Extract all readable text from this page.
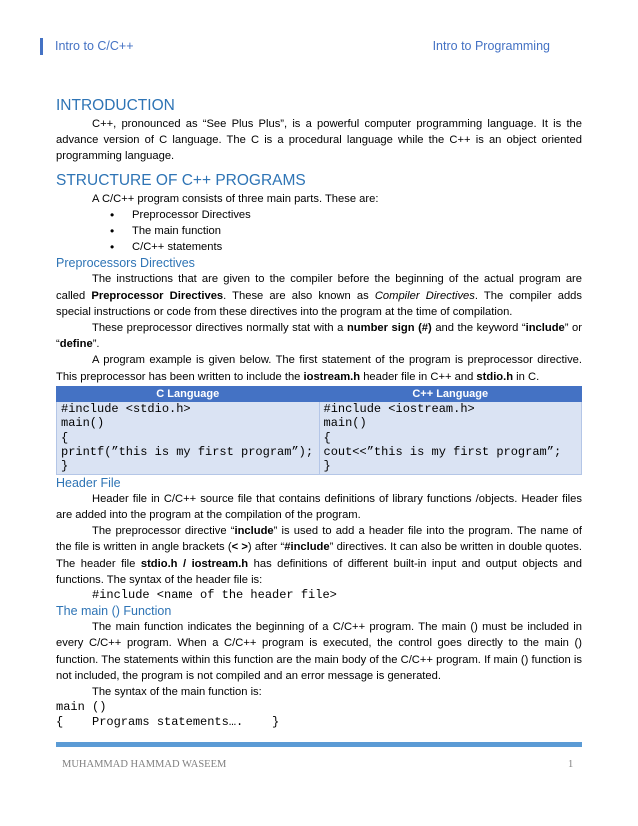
Intro to C/C++	Intro to Programming
INTRODUCTION

C++, pronounced as “See Plus Plus”, is a powerful computer programming language. It is the advance version of C language. The C is a procedural language while the C++ is an object oriented programming language.

STRUCTURE OF C++ PROGRAMS

A C/C++ program consists of three main parts. These are:

• Preprocessor Directives
• The main function
• C/C++ statements
Preprocessors Directives

The instructions that are given to the compiler before the beginning of the actual program are called Preprocessor Directives. These are also known as Compiler Directives. The compiler adds special instructions or code from these directives into the program at the time of compilation.

These preprocessor directives normally stat with a number sign (#) and the keyword “include” or “define”.

A program example is given below. The first statement of the program is preprocessor directive. This preprocessor has been written to include the iostream.h header file in C++ and stdio.h in C.

C Language	C++ Language

#include <stdio.h>
main()
{
printf(”this is my first program”);
}	#include <iostream.h>
main()
{
cout<<”this is my first program”;
}
Header File

Header file in C/C++ source file that contains definitions of library functions /objects. Header files are added into the program at the compilation of the program.

The preprocessor directive “include” is used to add a header file into the program. The name of the file is written in angle brackets (< >) after “#include” directives. It can also be written in double quotes. The header file stdio.h / iostream.h has definitions of different built-in input and output objects and functions. The syntax of the header file is:

#include <name of the header file>
The main () Function

The main function indicates the beginning of a C/C++ program. The main () must be included in every C/C++ program. When a C/C++ program is executed, the control goes directly to the main () function. The statements within this function are the main body of the C/C++ program. If main () function is not included, the program is not compiled and an error message is generated.

The syntax of the main function is:

main ()
{    Programs statements….    }
MUHAMMAD HAMMAD WASEEM	1
